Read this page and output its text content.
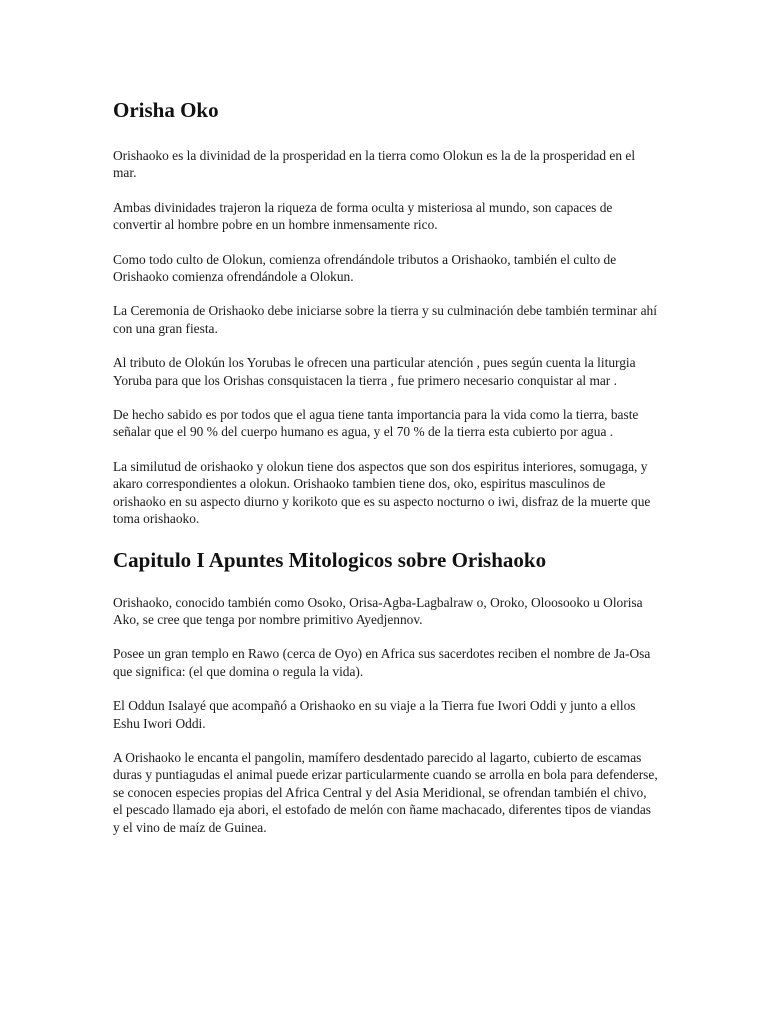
Orisha Oko

Orishaoko es la divinidad de la prosperidad en la tierra como Olokun es la de la prosperidad en el mar.

Ambas divinidades trajeron la riqueza de forma oculta y misteriosa al mundo, son capaces de convertir al hombre pobre en un hombre inmensamente rico.

Como todo culto de Olokun, comienza ofrendándole tributos a Orishaoko, también el culto de Orishaoko comienza ofrendándole a Olokun.

La Ceremonia de Orishaoko debe iniciarse sobre la tierra y su culminación debe también terminar ahí con una gran fiesta.

Al tributo de Olokún los Yorubas le ofrecen una particular atención , pues según cuenta la liturgia Yoruba para que los Orishas consquistacen la tierra , fue primero necesario conquistar al mar .

De hecho sabido es por todos que el agua tiene tanta importancia para la vida como la tierra, baste señalar que el 90 % del cuerpo humano es agua, y el 70 % de la tierra esta cubierto por agua .

La similutud de orishaoko y olokun tiene dos aspectos que son dos espiritus interiores, somugaga, y akaro correspondientes a olokun. Orishaoko tambien tiene dos, oko, espiritus masculinos de orishaoko en su aspecto diurno y korikoto que es su aspecto nocturno o iwi, disfraz de la muerte que toma orishaoko.

Capitulo I Apuntes Mitologicos sobre Orishaoko

Orishaoko, conocido también como Osoko, Orisa-Agba-Lagbalraw o, Oroko, Oloosooko u Olorisa Ako, se cree que tenga por nombre primitivo Ayedjennov.

Posee un gran templo en Rawo (cerca de Oyo) en Africa sus sacerdotes reciben el nombre de Ja-Osa que significa: (el que domina o regula la vida).

El Oddun Isalayé que acompañó a Orishaoko en su viaje a la Tierra fue Iwori Oddi y junto a ellos Eshu Iwori Oddi.

A Orishaoko le encanta el pangolin, mamífero desdentado parecido al lagarto, cubierto de escamas duras y puntiagudas el animal puede erizar particularmente cuando se arrolla en bola para defenderse, se conocen especies propias del Africa Central y del Asia Meridional, se ofrendan también el chivo, el pescado llamado eja abori, el estofado de melón con ñame machacado, diferentes tipos de viandas y el vino de maíz de Guinea.
